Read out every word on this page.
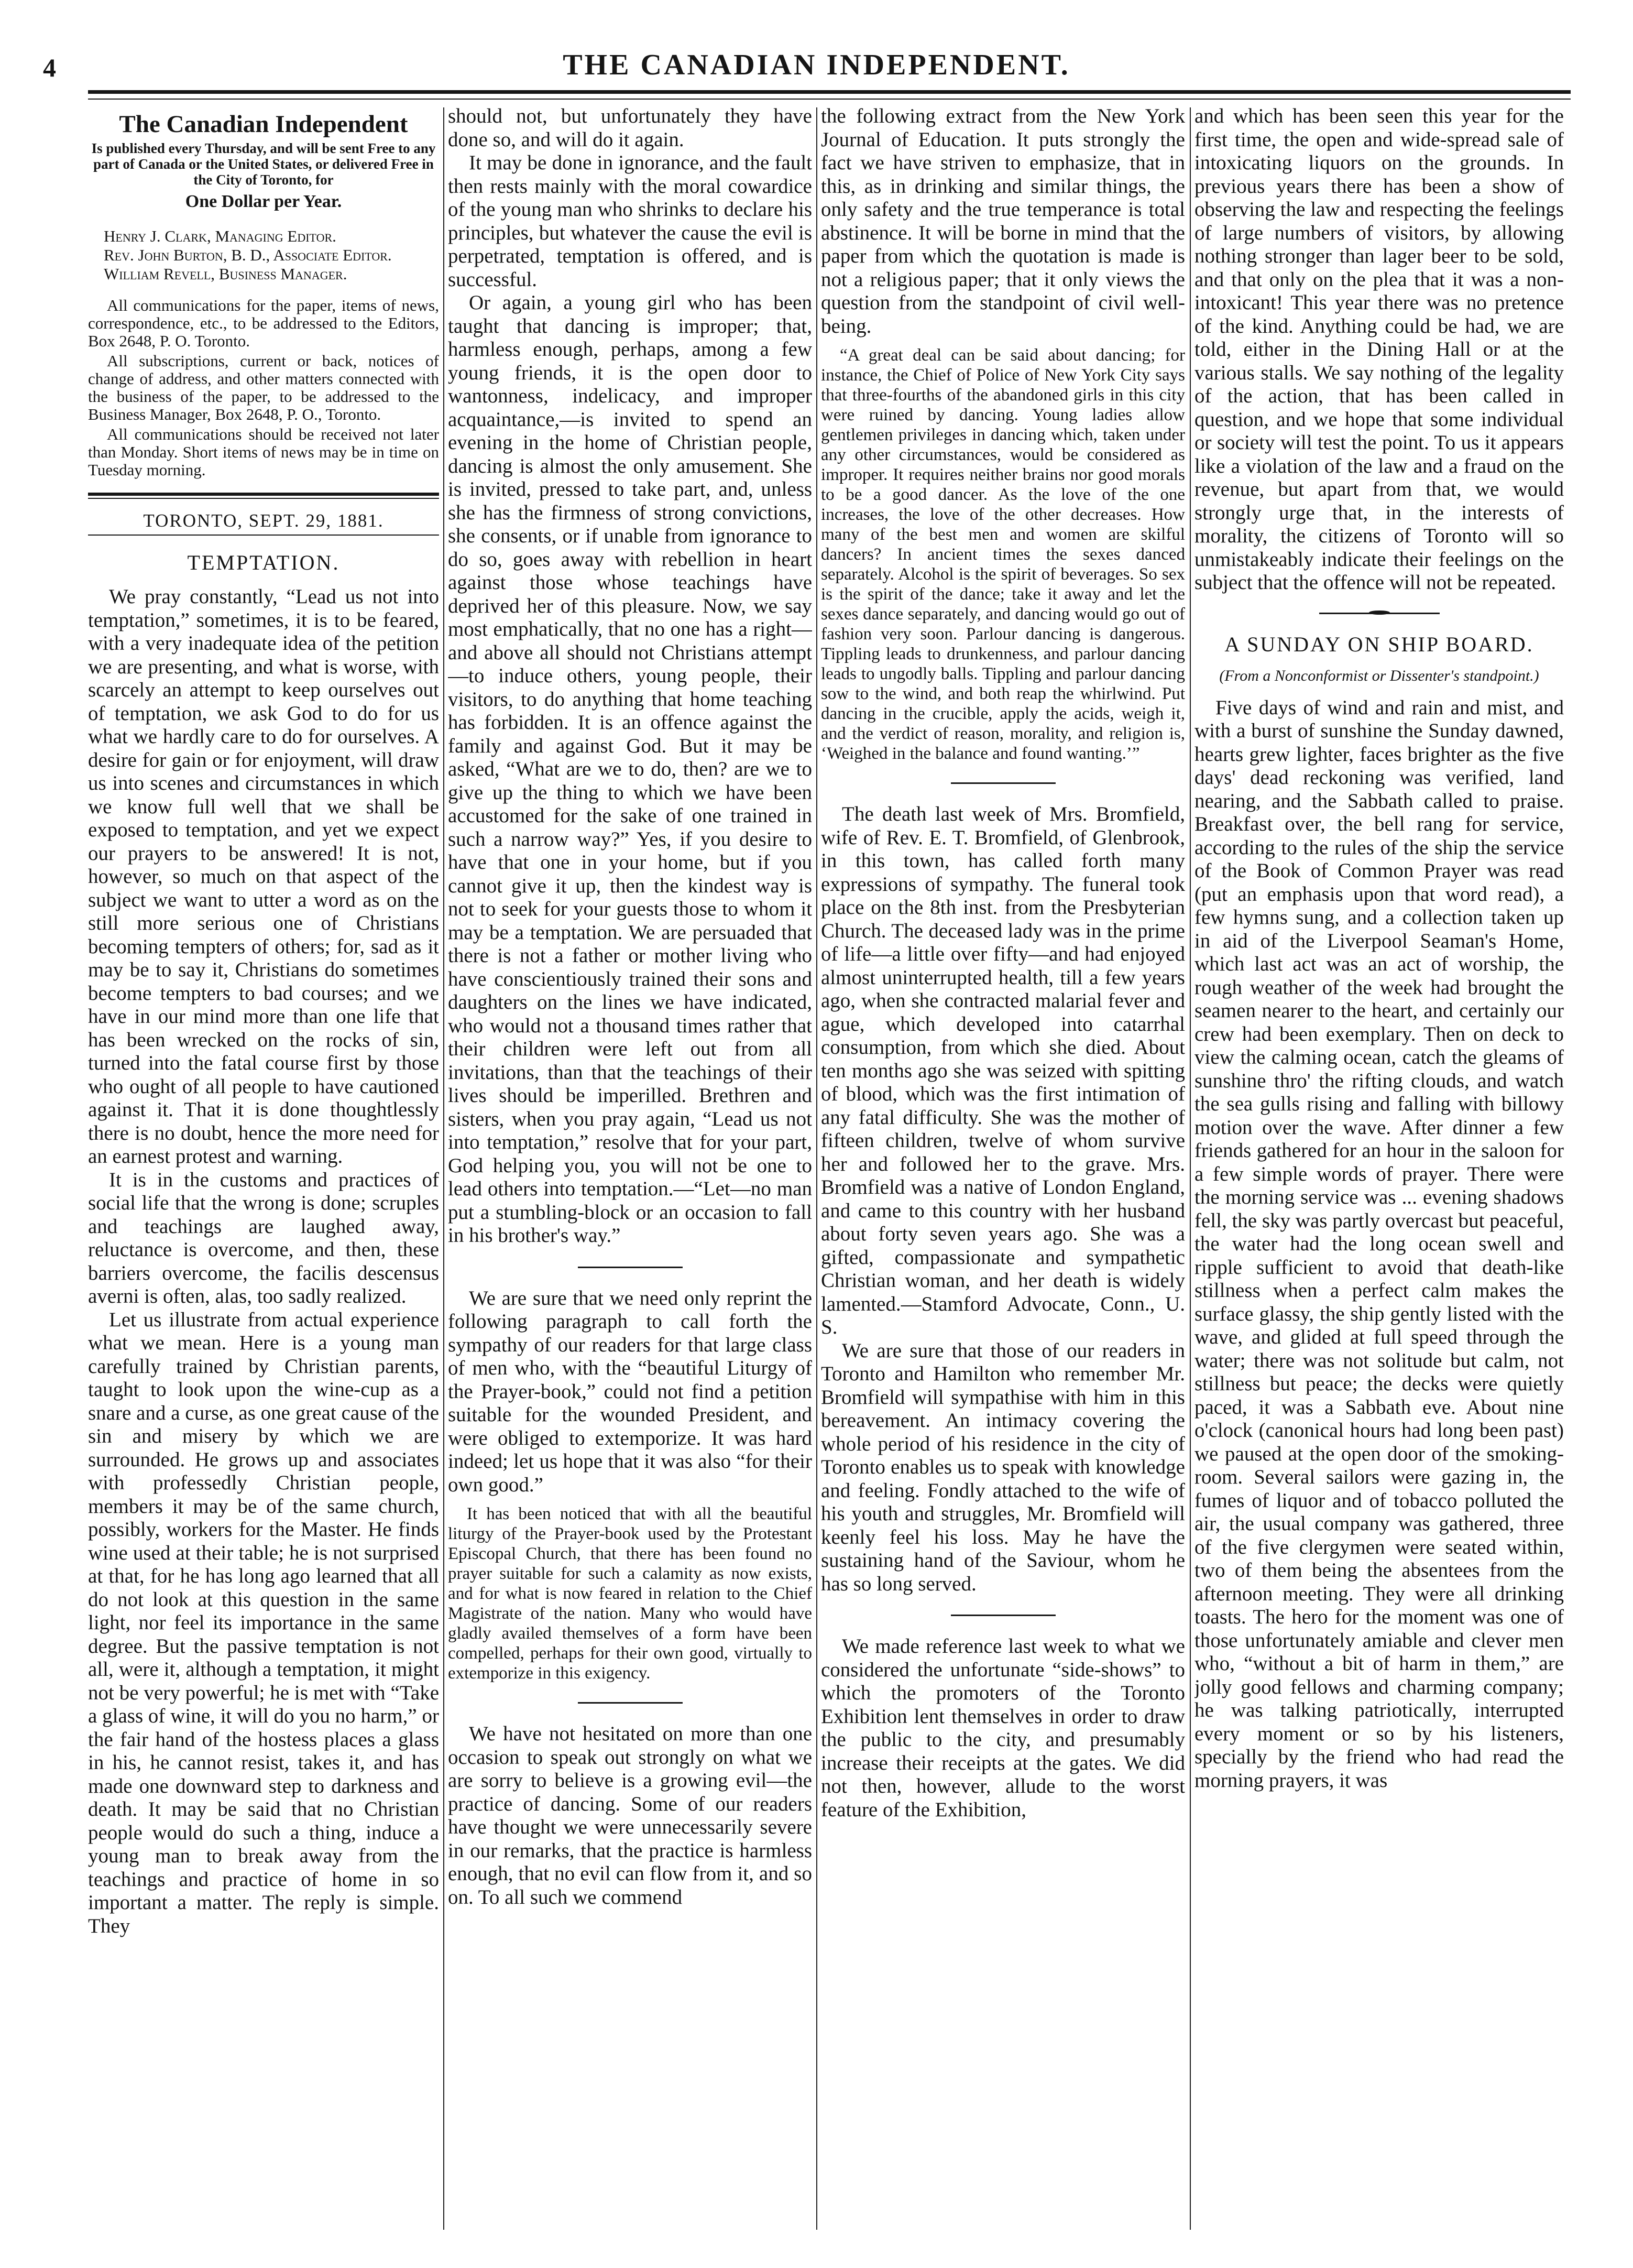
4	THE CANADIAN INDEPENDENT.
The Canadian Independent
Is published every Thursday, and will be sent Free to any part of Canada or the United States, or delivered Free in the City of Toronto, for
One Dollar per Year.
Henry J. Clark, Managing Editor.
Rev. John Burton, B. D., Associate Editor.
William Revell, Business Manager.

All communications for the paper, items of news, correspondence, etc., to be addressed to the Editors, Box 2648, P. O. Toronto.

All subscriptions, current or back, notices of change of address, and other matters connected with the business of the paper, to be addressed to the Business Manager, Box 2648, P. O., Toronto.

All communications should be received not later than Monday. Short items of news may be in time on Tuesday morning.

TORONTO, SEPT. 29, 1881.
TEMPTATION.

We pray constantly, “Lead us not into temptation,” sometimes, it is to be feared, with a very inadequate idea of the petition we are presenting, and what is worse, with scarcely an attempt to keep ourselves out of temptation, we ask God to do for us what we hardly care to do for ourselves. A desire for gain or for enjoyment, will draw us into scenes and circumstances in which we know full well that we shall be exposed to temptation, and yet we expect our prayers to be answered! It is not, however, so much on that aspect of the subject we want to utter a word as on the still more serious one of Christians becoming tempters of others; for, sad as it may be to say it, Christians do sometimes become tempters to bad courses; and we have in our mind more than one life that has been wrecked on the rocks of sin, turned into the fatal course first by those who ought of all people to have cautioned against it. That it is done thoughtlessly there is no doubt, hence the more need for an earnest protest and warning.

It is in the customs and practices of social life that the wrong is done; scruples and teachings are laughed away, reluctance is overcome, and then, these barriers overcome, the facilis descensus averni is often, alas, too sadly realized.

Let us illustrate from actual experience what we mean. Here is a young man carefully trained by Christian parents, taught to look upon the wine-cup as a snare and a curse, as one great cause of the sin and misery by which we are surrounded. He grows up and associates with professedly Christian people, members it may be of the same church, possibly, workers for the Master. He finds wine used at their table; he is not surprised at that, for he has long ago learned that all do not look at this question in the same light, nor feel its importance in the same degree. But the passive temptation is not all, were it, although a temptation, it might not be very powerful; he is met with “Take a glass of wine, it will do you no harm,” or the fair hand of the hostess places a glass in his, he cannot resist, takes it, and has made one downward step to darkness and death. It may be said that no Christian people would do such a thing, induce a young man to break away from the teachings and practice of home in so important a matter. The reply is simple. They

should not, but unfortunately they have done so, and will do it again.

It may be done in ignorance, and the fault then rests mainly with the moral cowardice of the young man who shrinks to declare his principles, but whatever the cause the evil is perpetrated, temptation is offered, and is successful.

Or again, a young girl who has been taught that dancing is improper; that, harmless enough, perhaps, among a few young friends, it is the open door to wantonness, indelicacy, and improper acquaintance,—is invited to spend an evening in the home of Christian people, dancing is almost the only amusement. She is invited, pressed to take part, and, unless she has the firmness of strong convictions, she consents, or if unable from ignorance to do so, goes away with rebellion in heart against those whose teachings have deprived her of this pleasure. Now, we say most emphatically, that no one has a right—and above all should not Christians attempt—to induce others, young people, their visitors, to do anything that home teaching has forbidden. It is an offence against the family and against God. But it may be asked, “What are we to do, then? are we to give up the thing to which we have been accustomed for the sake of one trained in such a narrow way?” Yes, if you desire to have that one in your home, but if you cannot give it up, then the kindest way is not to seek for your guests those to whom it may be a temptation. We are persuaded that there is not a father or mother living who have conscientiously trained their sons and daughters on the lines we have indicated, who would not a thousand times rather that their children were left out from all invitations, than that the teachings of their lives should be imperilled. Brethren and sisters, when you pray again, “Lead us not into temptation,” resolve that for your part, God helping you, you will not be one to lead others into temptation.—“Let—no man put a stumbling-block or an occasion to fall in his brother's way.”

We are sure that we need only reprint the following paragraph to call forth the sympathy of our readers for that large class of men who, with the “beautiful Liturgy of the Prayer-book,” could not find a petition suitable for the wounded President, and were obliged to extemporize. It was hard indeed; let us hope that it was also “for their own good.”

It has been noticed that with all the beautiful liturgy of the Prayer-book used by the Protestant Episcopal Church, that there has been found no prayer suitable for such a calamity as now exists, and for what is now feared in relation to the Chief Magistrate of the nation. Many who would have gladly availed themselves of a form have been compelled, perhaps for their own good, virtually to extemporize in this exigency.

We have not hesitated on more than one occasion to speak out strongly on what we are sorry to believe is a growing evil—the practice of dancing. Some of our readers have thought we were unnecessarily severe in our remarks, that the practice is harmless enough, that no evil can flow from it, and so on. To all such we commend

the following extract from the New York Journal of Education. It puts strongly the fact we have striven to emphasize, that in this, as in drinking and similar things, the only safety and the true temperance is total abstinence. It will be borne in mind that the paper from which the quotation is made is not a religious paper; that it only views the question from the standpoint of civil well-being.

“A great deal can be said about dancing; for instance, the Chief of Police of New York City says that three-fourths of the abandoned girls in this city were ruined by dancing. Young ladies allow gentlemen privileges in dancing which, taken under any other circumstances, would be considered as improper. It requires neither brains nor good morals to be a good dancer. As the love of the one increases, the love of the other decreases. How many of the best men and women are skilful dancers? In ancient times the sexes danced separately. Alcohol is the spirit of beverages. So sex is the spirit of the dance; take it away and let the sexes dance separately, and dancing would go out of fashion very soon. Parlour dancing is dangerous. Tippling leads to drunkenness, and parlour dancing leads to ungodly balls. Tippling and parlour dancing sow to the wind, and both reap the whirlwind. Put dancing in the crucible, apply the acids, weigh it, and the verdict of reason, morality, and religion is, ‘Weighed in the balance and found wanting.’”

The death last week of Mrs. Bromfield, wife of Rev. E. T. Bromfield, of Glenbrook, in this town, has called forth many expressions of sympathy. The funeral took place on the 8th inst. from the Presbyterian Church. The deceased lady was in the prime of life—a little over fifty—and had enjoyed almost uninterrupted health, till a few years ago, when she contracted malarial fever and ague, which developed into catarrhal consumption, from which she died. About ten months ago she was seized with spitting of blood, which was the first intimation of any fatal difficulty. She was the mother of fifteen children, twelve of whom survive her and followed her to the grave. Mrs. Bromfield was a native of London England, and came to this country with her husband about forty seven years ago. She was a gifted, compassionate and sympathetic Christian woman, and her death is widely lamented.—Stamford Advocate, Conn., U. S.

We are sure that those of our readers in Toronto and Hamilton who remember Mr. Bromfield will sympathise with him in this bereavement. An intimacy covering the whole period of his residence in the city of Toronto enables us to speak with knowledge and feeling. Fondly attached to the wife of his youth and struggles, Mr. Bromfield will keenly feel his loss. May he have the sustaining hand of the Saviour, whom he has so long served.

We made reference last week to what we considered the unfortunate “side-shows” to which the promoters of the Toronto Exhibition lent themselves in order to draw the public to the city, and presumably increase their receipts at the gates. We did not then, however, allude to the worst feature of the Exhibition,

and which has been seen this year for the first time, the open and wide-spread sale of intoxicating liquors on the grounds. In previous years there has been a show of observing the law and respecting the feelings of large numbers of visitors, by allowing nothing stronger than lager beer to be sold, and that only on the plea that it was a non-intoxicant! This year there was no pretence of the kind. Anything could be had, we are told, either in the Dining Hall or at the various stalls. We say nothing of the legality of the action, that has been called in question, and we hope that some individual or society will test the point. To us it appears like a violation of the law and a fraud on the revenue, but apart from that, we would strongly urge that, in the interests of morality, the citizens of Toronto will so unmistakeably indicate their feelings on the subject that the offence will not be repeated.

A SUNDAY ON SHIP BOARD.
(From a Nonconformist or Dissenter's standpoint.)

Five days of wind and rain and mist, and with a burst of sunshine the Sunday dawned, hearts grew lighter, faces brighter as the five days' dead reckoning was verified, land nearing, and the Sabbath called to praise. Breakfast over, the bell rang for service, according to the rules of the ship the service of the Book of Common Prayer was read (put an emphasis upon that word read), a few hymns sung, and a collection taken up in aid of the Liverpool Seaman's Home, which last act was an act of worship, the rough weather of the week had brought the seamen nearer to the heart, and certainly our crew had been exemplary. Then on deck to view the calming ocean, catch the gleams of sunshine thro' the rifting clouds, and watch the sea gulls rising and falling with billowy motion over the wave. After dinner a few friends gathered for an hour in the saloon for a few simple words of prayer. There were the morning service was ... evening shadows fell, the sky was partly overcast but peaceful, the water had the long ocean swell and ripple sufficient to avoid that death-like stillness when a perfect calm makes the surface glassy, the ship gently listed with the wave, and glided at full speed through the water; there was not solitude but calm, not stillness but peace; the decks were quietly paced, it was a Sabbath eve. About nine o'clock (canonical hours had long been past) we paused at the open door of the smoking-room. Several sailors were gazing in, the fumes of liquor and of tobacco polluted the air, the usual company was gathered, three of the five clergymen were seated within, two of them being the absentees from the afternoon meeting. They were all drinking toasts. The hero for the moment was one of those unfortunately amiable and clever men who, “without a bit of harm in them,” are jolly good fellows and charming company; he was talking patriotically, interrupted every moment or so by his listeners, specially by the friend who had read the morning prayers, it was
